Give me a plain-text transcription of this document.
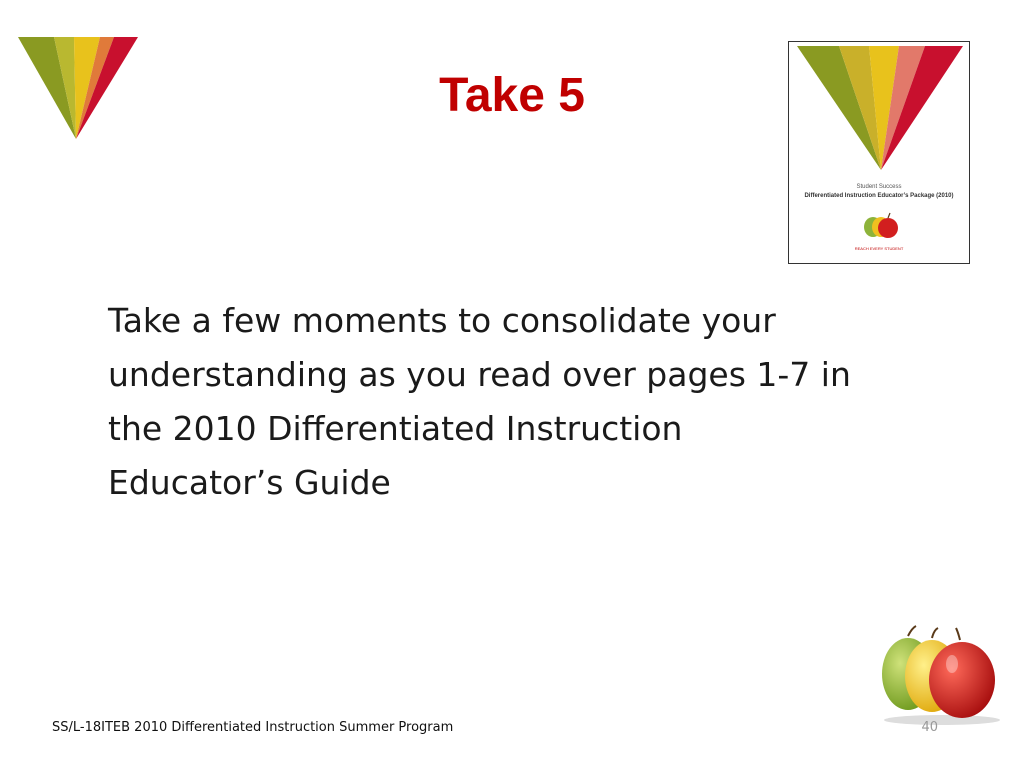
Take 5
Student Success
Differentiated Instruction Educator’s Package (2010)
REACH EVERY STUDENT

Take a few moments to consolidate your understanding as you read over pages 1-7 in the 2010 Differentiated Instruction Educator’s Guide

SS/L-18ITEB 2010 Differentiated Instruction Summer Program	40
